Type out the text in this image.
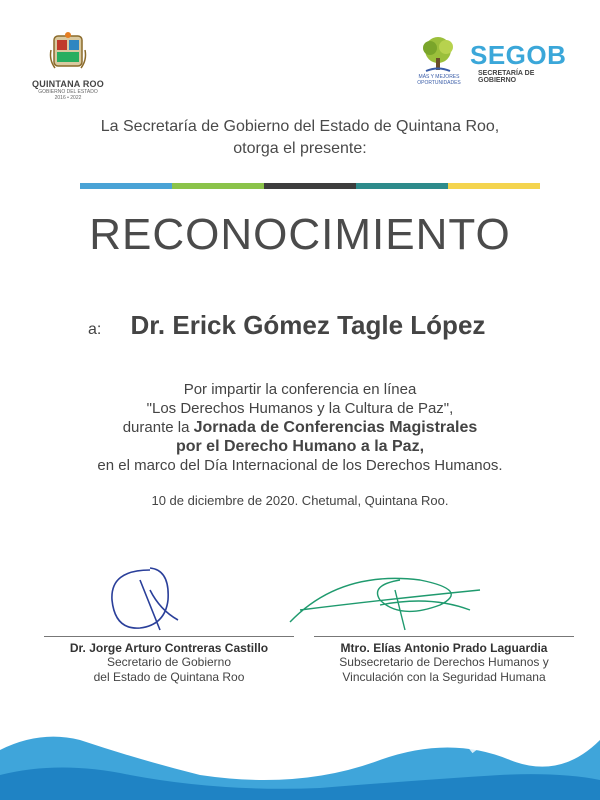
QUINTANA ROO
GOBIERNO DEL ESTADO
2016 • 2022
MÁS Y MEJORES OPORTUNIDADES
SEGOB
SECRETARÍA DE GOBIERNO
La Secretaría de Gobierno del Estado de Quintana Roo,
otorga el presente:
RECONOCIMIENTO
a: Dr. Erick Gómez Tagle López
Por impartir la conferencia en línea
"Los Derechos Humanos y la Cultura de Paz",
durante la Jornada de Conferencias Magistrales
por el Derecho Humano a la Paz,
en el marco del Día Internacional de los Derechos Humanos.
10 de diciembre de 2020. Chetumal, Quintana Roo.
Dr. Jorge Arturo Contreras Castillo
Secretario de Gobierno
del Estado de Quintana Roo
Mtro. Elías Antonio Prado Laguardia
Subsecretario de Derechos Humanos y
Vinculación con la Seguridad Humana
